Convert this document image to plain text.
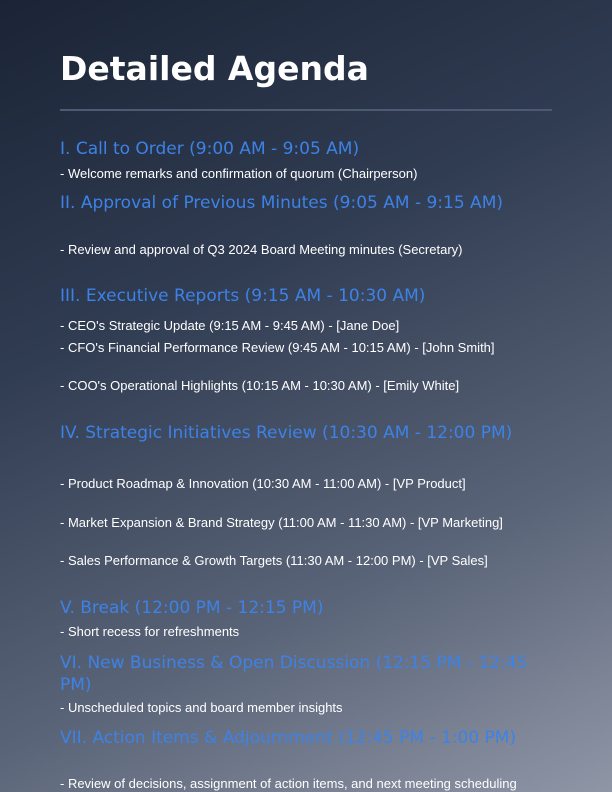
Detailed Agenda
I. Call to Order (9:00 AM - 9:05 AM)

- Welcome remarks and confirmation of quorum (Chairperson)

II. Approval of Previous Minutes (9:05 AM - 9:15 AM)

- Review and approval of Q3 2024 Board Meeting minutes (Secretary)

III. Executive Reports (9:15 AM - 10:30 AM)

- CEO's Strategic Update (9:15 AM - 9:45 AM) - [Jane Doe]

- CFO's Financial Performance Review (9:45 AM - 10:15 AM) - [John Smith]

- COO's Operational Highlights (10:15 AM - 10:30 AM) - [Emily White]

IV. Strategic Initiatives Review (10:30 AM - 12:00 PM)

- Product Roadmap & Innovation (10:30 AM - 11:00 AM) - [VP Product]

- Market Expansion & Brand Strategy (11:00 AM - 11:30 AM) - [VP Marketing]

- Sales Performance & Growth Targets (11:30 AM - 12:00 PM) - [VP Sales]

V. Break (12:00 PM - 12:15 PM)

- Short recess for refreshments

VI. New Business & Open Discussion (12:15 PM - 12:45 PM)

- Unscheduled topics and board member insights

VII. Action Items & Adjournment (12:45 PM - 1:00 PM)

- Review of decisions, assignment of action items, and next meeting scheduling
